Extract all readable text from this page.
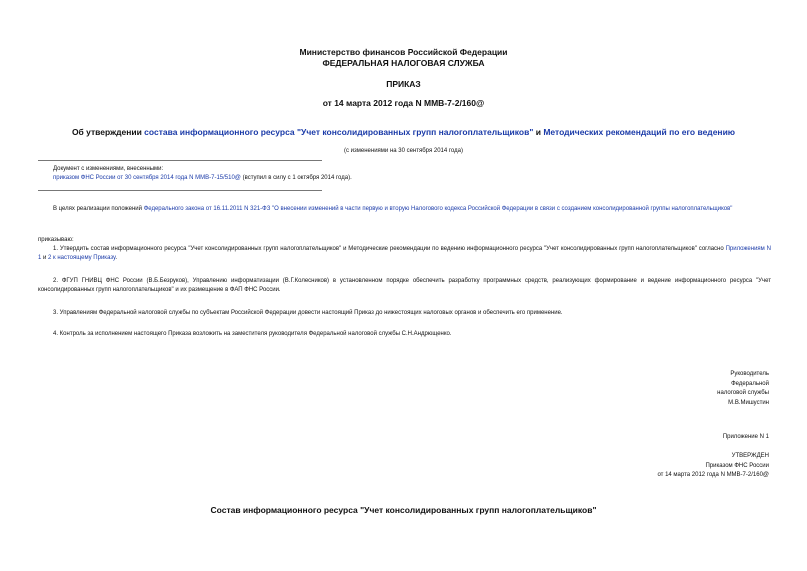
Министерство финансов Российской Федерации
ФЕДЕРАЛЬНАЯ НАЛОГОВАЯ СЛУЖБА
ПРИКАЗ
от 14 марта 2012 года N ММВ-7-2/160@
Об утверждении состава информационного ресурса "Учет консолидированных групп налогоплательщиков" и Методических рекомендаций по его ведению
(с изменениями на 30 сентября 2014 года)
Документ с изменениями, внесенными:
приказом ФНС России от 30 сентября 2014 года N ММВ-7-15/510@ (вступил в силу с 1 октября 2014 года).
В целях реализации положений Федерального закона от 16.11.2011 N 321-ФЗ "О внесении изменений в части первую и вторую Налогового кодекса Российской Федерации в связи с созданием консолидированной группы налогоплательщиков"
приказываю:
1. Утвердить состав информационного ресурса "Учет консолидированных групп налогоплательщиков" и Методические рекомендации по ведению информационного ресурса "Учет консолидированных групп налогоплательщиков" согласно Приложениям N 1 и 2 к настоящему Приказу.
2. ФГУП ГНИВЦ ФНС России (В.Б.Безруков), Управлению информатизации (В.Г.Колесников) в установленном порядке обеспечить разработку программных средств, реализующих формирование и ведение информационного ресурса "Учет консолидированных групп налогоплательщиков" и их размещение в ФАП ФНС России.
3. Управлениям Федеральной налоговой службы по субъектам Российской Федерации довести настоящий Приказ до нижестоящих налоговых органов и обеспечить его применение.
4. Контроль за исполнением настоящего Приказа возложить на заместителя руководителя Федеральной налоговой службы С.Н.Андрющенко.
Руководитель
Федеральной
налоговой службы
М.В.Мишустин
Приложение N 1
УТВЕРЖДЕН
Приказом ФНС России
от 14 марта 2012 года N ММВ-7-2/160@
Состав информационного ресурса "Учет консолидированных групп налогоплательщиков"
